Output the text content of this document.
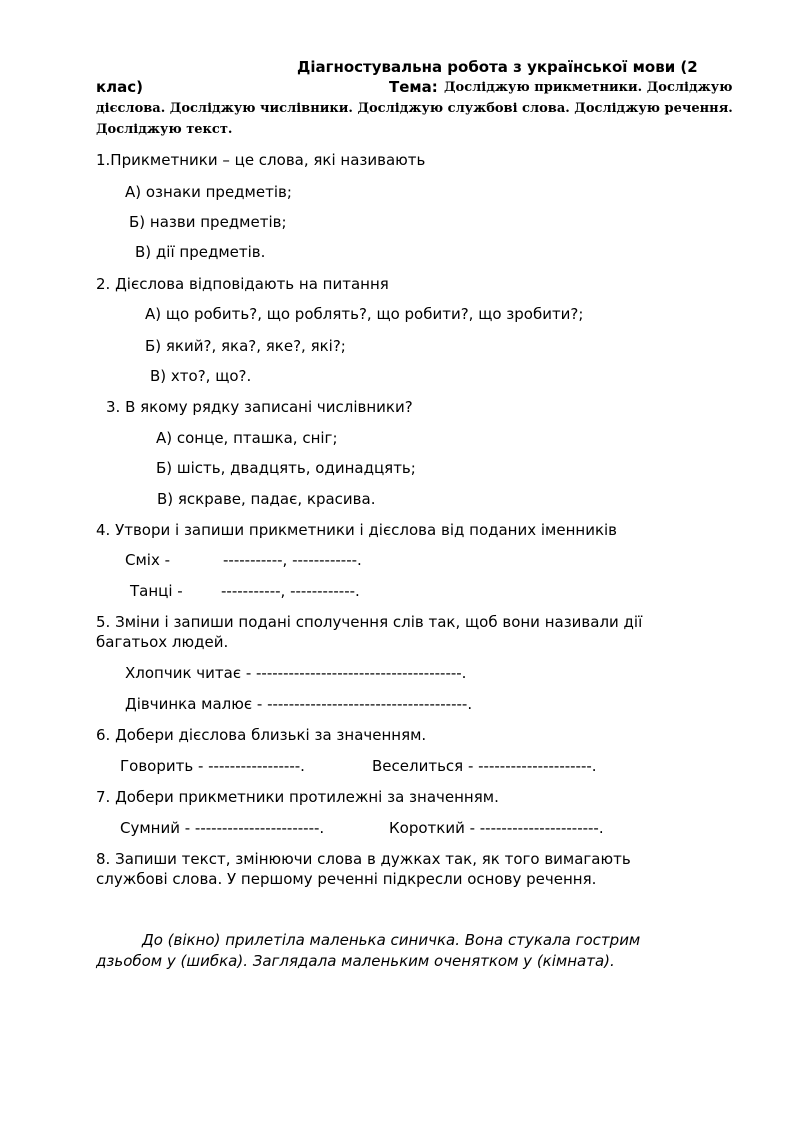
Діагностувальна робота з української мови (2
клас)	Тема: Досліджую прикметники. Досліджую
дієслова. Досліджую числівники. Досліджую службові слова. Досліджую речення.
Досліджую текст.
1.Прикметники – це слова, які називають
А) ознаки предметів;
Б) назви предметів;
В) дії предметів.
2. Дієслова відповідають на питання
А) що робить?, що роблять?, що робити?, що зробити?;
Б) який?, яка?, яке?, які?;
В) хто?, що?.
3. В якому рядку записані числівники?
А) сонце, пташка, сніг;
Б) шість, двадцять, одинадцять;
В) яскраве, падає, красива.
4. Утвори і запиши прикметники і дієслова від поданих іменників
Сміх -	-----------, ------------.
Танці -	-----------, ------------.
5. Зміни і запиши подані сполучення слів так, щоб вони називали дії
багатьох людей.
Хлопчик читає - --------------------------------------.
Дівчинка малює - -------------------------------------.
6. Добери дієслова близькі за значенням.
Говорить - -----------------.	Веселиться - ---------------------.
7. Добери прикметники протилежні за значенням.
Сумний - -----------------------.	Короткий - ----------------------.
8. Запиши текст, змінюючи слова в дужках так, як того вимагають
службові слова. У першому реченні підкресли основу речення.
До (вікно) прилетіла маленька синичка. Вона стукала гострим
дзьобом у (шибка). Заглядала маленьким оченятком у (кімната).
